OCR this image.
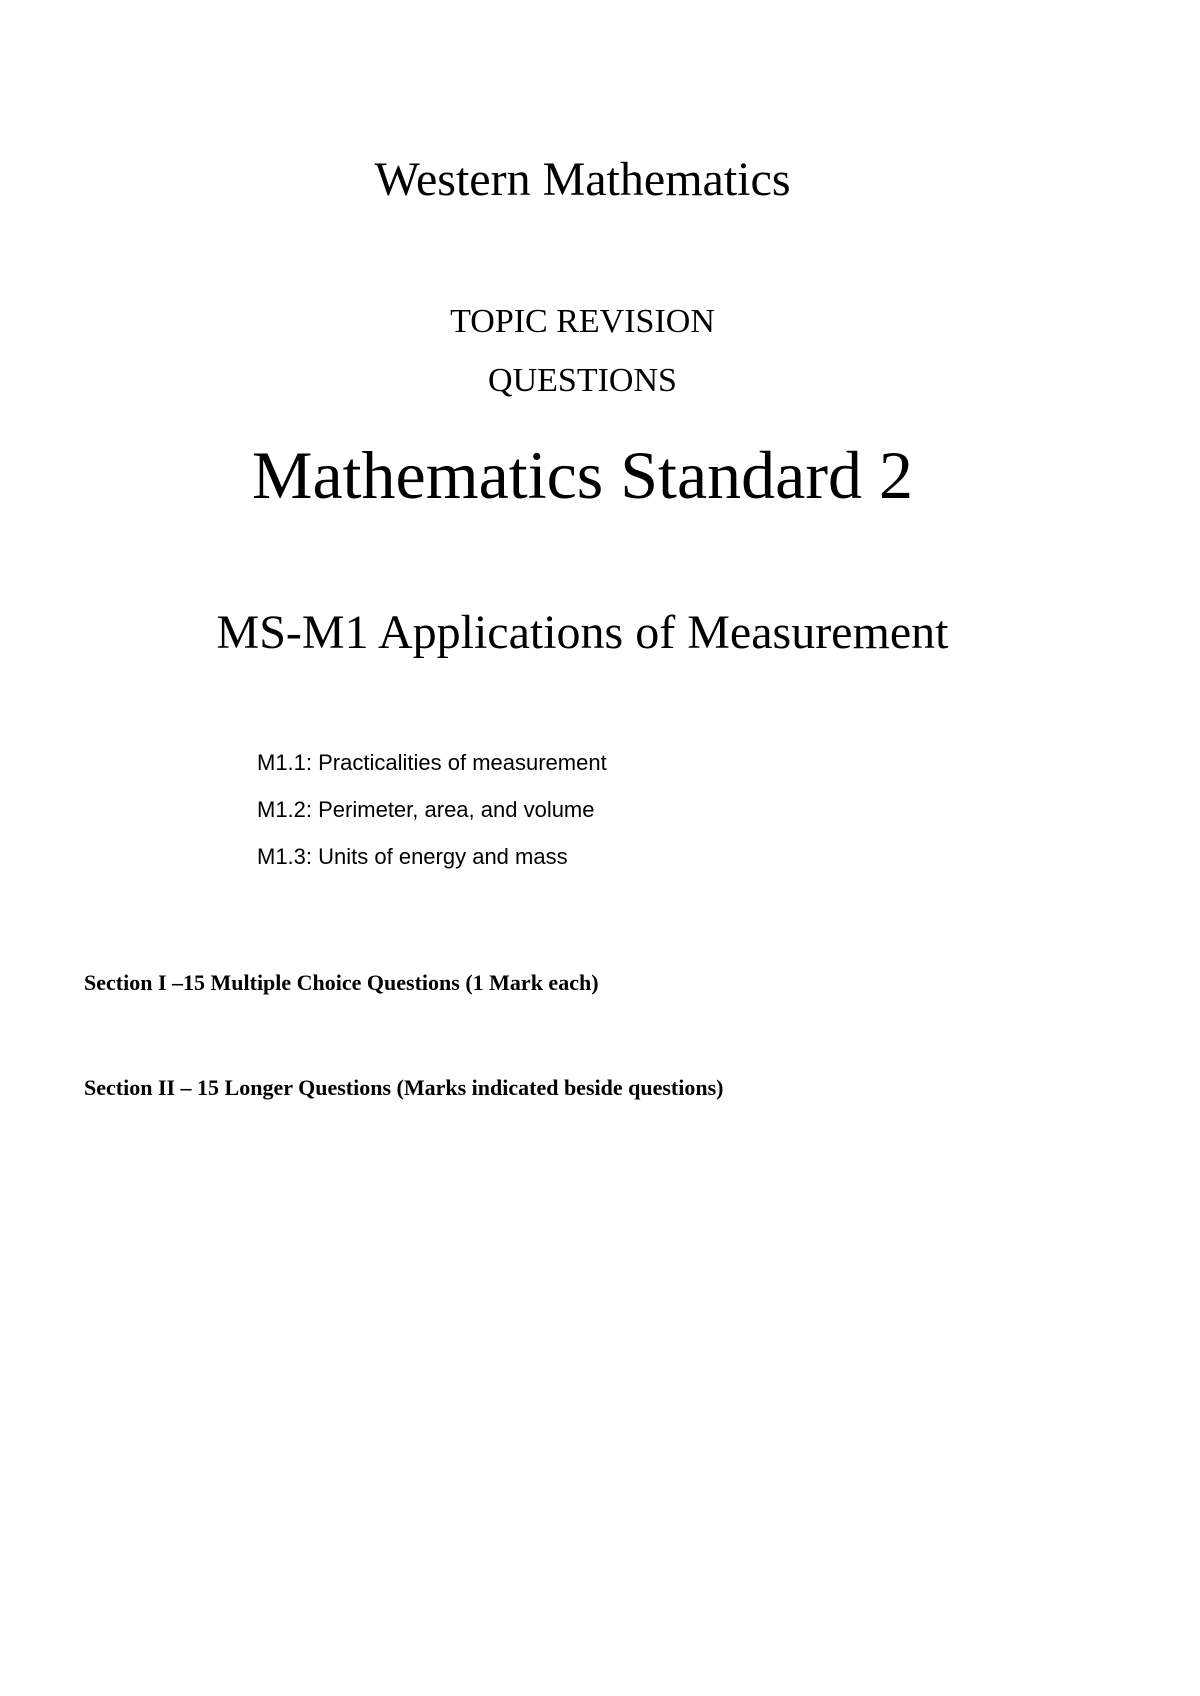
Western Mathematics
TOPIC REVISION
QUESTIONS
Mathematics Standard 2
MS-M1 Applications of Measurement
M1.1: Practicalities of measurement
M1.2: Perimeter, area, and volume
M1.3: Units of energy and mass
Section I –15 Multiple Choice Questions (1 Mark each)
Section II – 15 Longer Questions (Marks indicated beside questions)
